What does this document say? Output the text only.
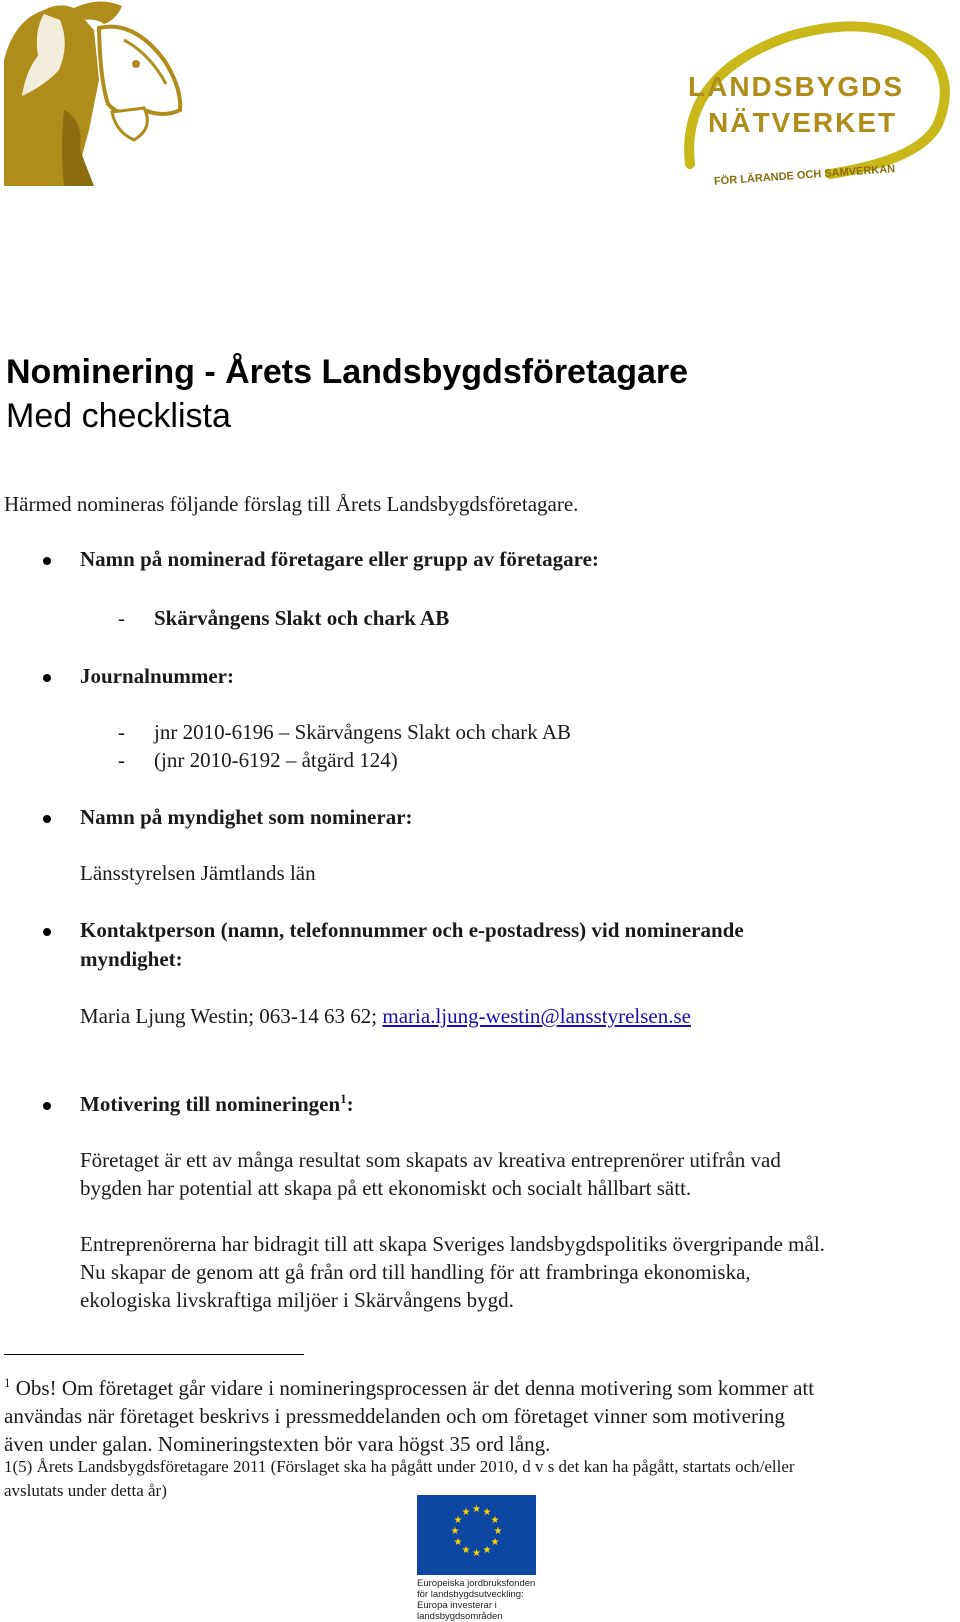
LANDSBYGDS
NÄTVERKET
FÖR LÄRANDE OCH SAMVERKAN
Nominering - Årets Landsbygdsföretagare
Med checklista
Härmed nomineras följande förslag till Årets Landsbygdsföretagare.
Namn på nominerad företagare eller grupp av företagare:
- Skärvångens Slakt och chark AB
Journalnummer:
- jnr 2010-6196 – Skärvångens Slakt och chark AB
- (jnr 2010-6192 – åtgärd 124)
Namn på myndighet som nominerar:
Länsstyrelsen Jämtlands län
Kontaktperson (namn, telefonnummer och e-postadress) vid nominerande
myndighet:
Maria Ljung Westin; 063-14 63 62; maria.ljung-westin@lansstyrelsen.se
Motivering till nomineringen$^1$:
Företaget är ett av många resultat som skapats av kreativa entreprenörer utifrån vad
bygden har potential att skapa på ett ekonomiskt och socialt hållbart sätt.
Entreprenörerna har bidragit till att skapa Sveriges landsbygdspolitiks övergripande mål.
Nu skapar de genom att gå från ord till handling för att frambringa ekonomiska,
ekologiska livskraftiga miljöer i Skärvångens bygd.
$^1$ Obs! Om företaget går vidare i nomineringsprocessen är det denna motivering som kommer att
användas när företaget beskrivs i pressmeddelanden och om företaget vinner som motivering
även under galan. Nomineringstexten bör vara högst 35 ord lång.
1(5) Årets Landsbygdsföretagare 2011 (Förslaget ska ha pågått under 2010, d v s det kan ha pågått, startats och/eller
avslutats under detta år)
★ ★
★
★
★
★
★
★
★
★
★
★
Europeiska jordbruksfonden för landsbygdsutveckling: Europa investerar i landsbygdsområden
